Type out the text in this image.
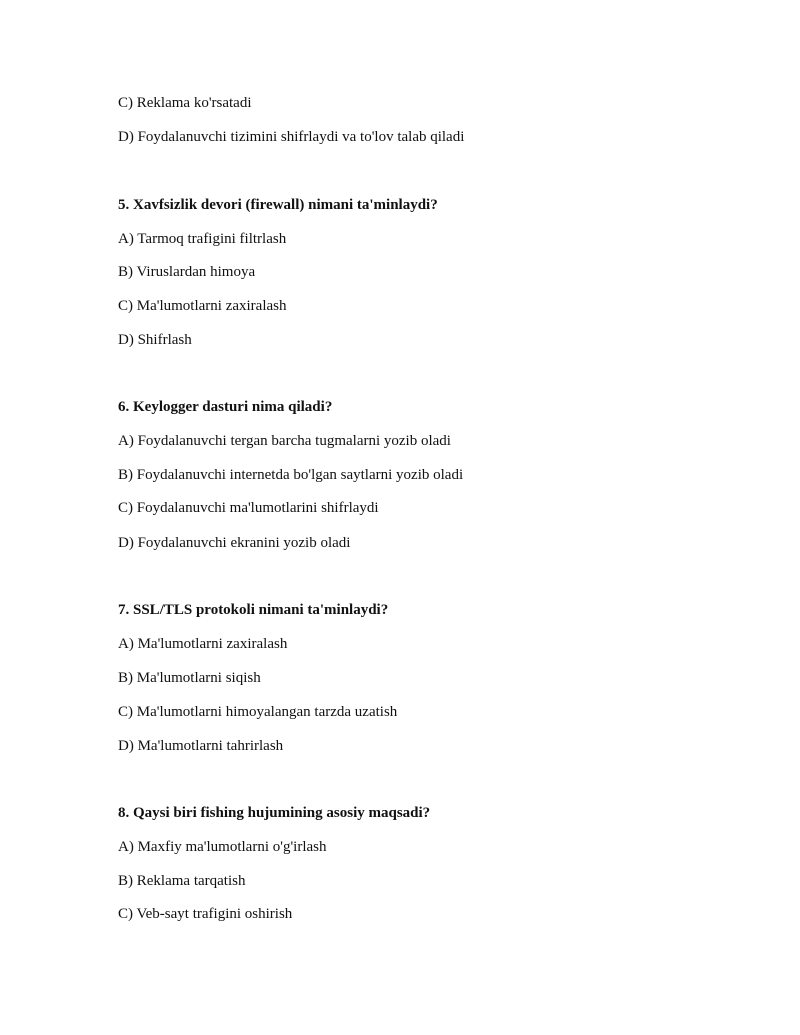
C) Reklama ko'rsatadi
D) Foydalanuvchi tizimini shifrlaydi va to'lov talab qiladi
5. Xavfsizlik devori (firewall) nimani ta'minlaydi?
A) Tarmoq trafigini filtrlash
B) Viruslardan himoya
C) Ma'lumotlarni zaxiralash
D) Shifrlash
6. Keylogger dasturi nima qiladi?
A) Foydalanuvchi tergan barcha tugmalarni yozib oladi
B) Foydalanuvchi internetda bo'lgan saytlarni yozib oladi
C) Foydalanuvchi ma'lumotlarini shifrlaydi
D) Foydalanuvchi ekranini yozib oladi
7. SSL/TLS protokoli nimani ta'minlaydi?
A) Ma'lumotlarni zaxiralash
B) Ma'lumotlarni siqish
C) Ma'lumotlarni himoyalangan tarzda uzatish
D) Ma'lumotlarni tahrirlash
8. Qaysi biri fishing hujumining asosiy maqsadi?
A) Maxfiy ma'lumotlarni o'g'irlash
B) Reklama tarqatish
C) Veb-sayt trafigini oshirish
